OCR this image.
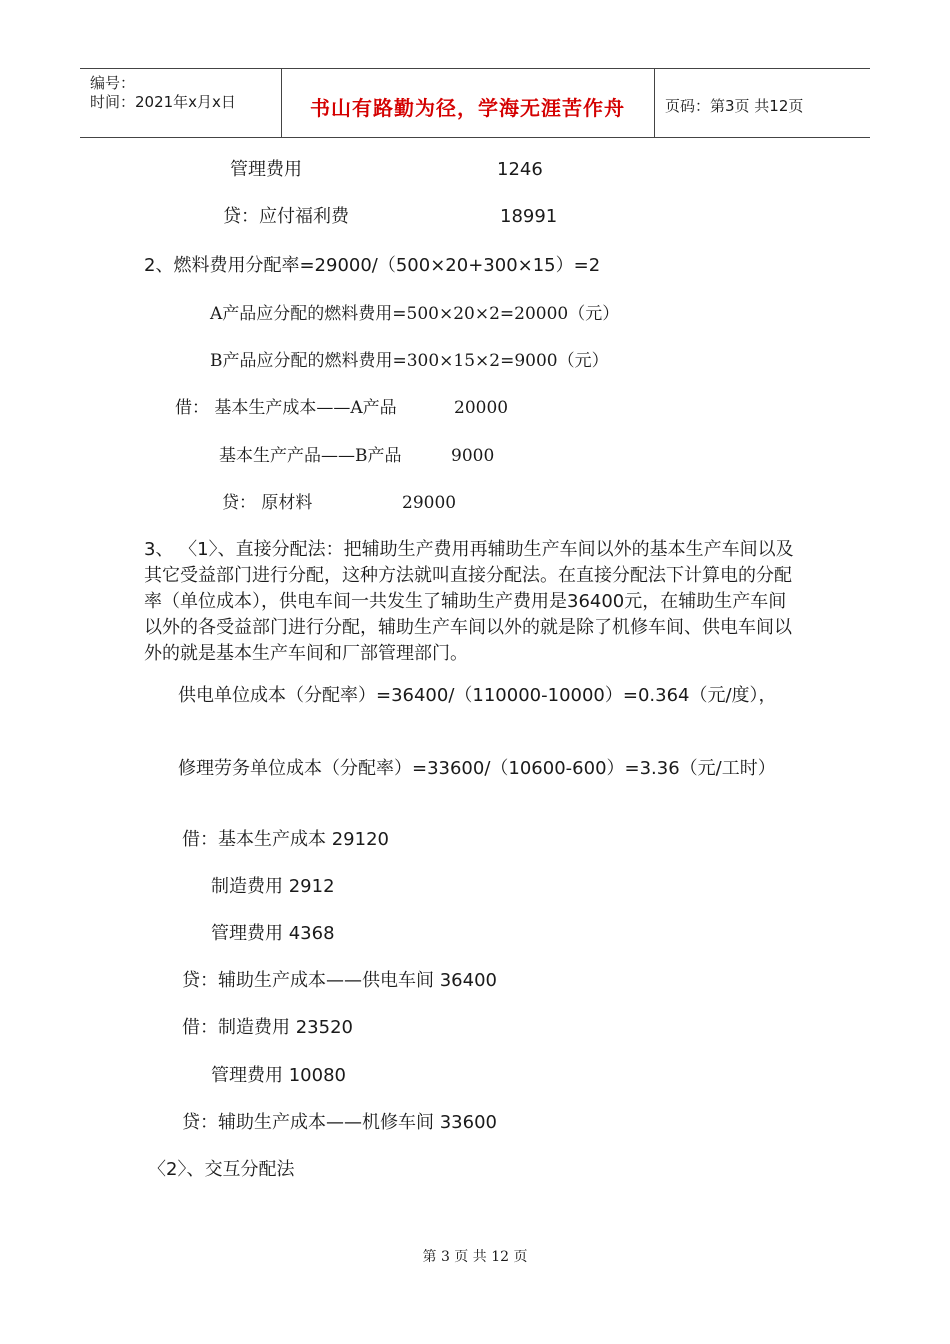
编号：
时间：2021年x月x日	书山有路勤为径，学海无涯苦作舟	页码：第3页 共12页
管理费用	1246
贷：应付福利费	18991
2、燃料费用分配率=29000/（500×20+300×15）=2
A产品应分配的燃料费用=500×20×2=20000（元）
B产品应分配的燃料费用=300×15×2=9000（元）
借： 基本生产成本——A产品	20000
基本生产产品——B产品	9000
贷： 原材料	29000
3、 〈1〉、直接分配法：把辅助生产费用再辅助生产车间以外的基本生产车间以及其它受益部门进行分配，这种方法就叫直接分配法。在直接分配法下计算电的分配率（单位成本），供电车间一共发生了辅助生产费用是36400元，在辅助生产车间以外的各受益部门进行分配，辅助生产车间以外的就是除了机修车间、供电车间以外的就是基本生产车间和厂部管理部门。
供电单位成本（分配率）=36400/（110000-10000）=0.364（元/度），
修理劳务单位成本（分配率）=33600/（10600-600）=3.36（元/工时）
借：基本生产成本 29120
制造费用 2912
管理费用 4368
贷：辅助生产成本——供电车间 36400
借：制造费用 23520
管理费用 10080
贷：辅助生产成本——机修车间 33600
〈2〉、交互分配法
第 3 页 共 12 页
